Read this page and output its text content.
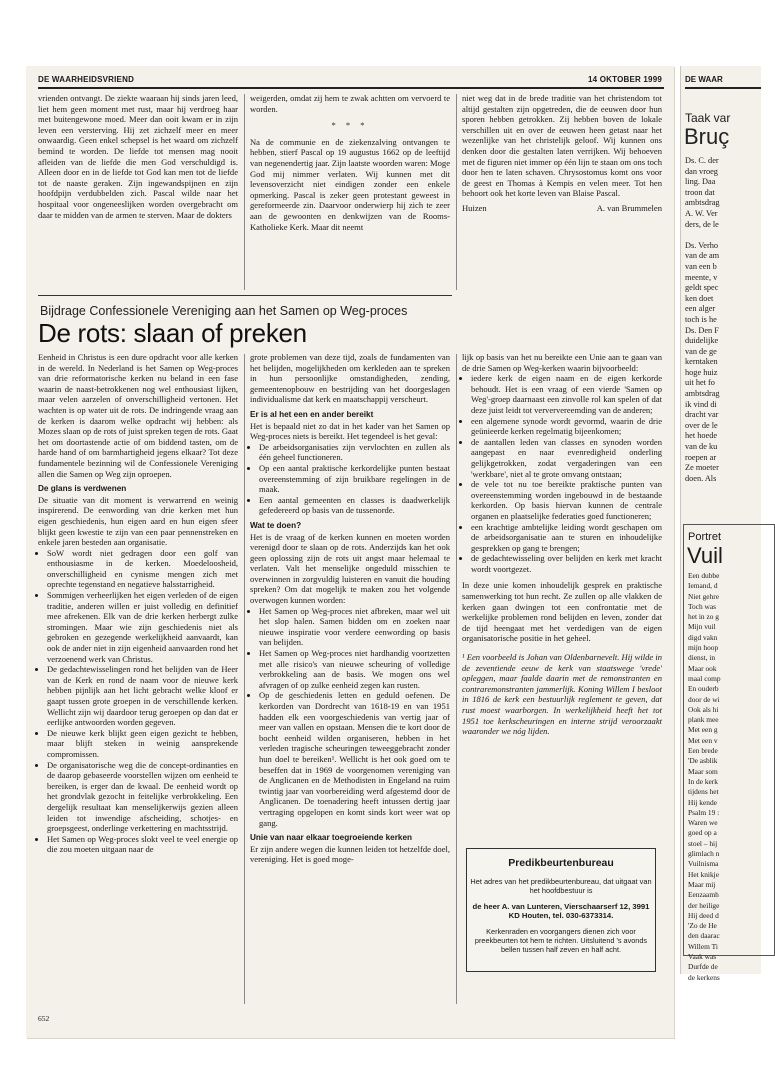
DE WAARHEIDSVRIEND	14 OKTOBER 1999

vrienden ontvangt. De ziekte waaraan hij sinds jaren leed, liet hem geen moment met rust, maar hij verdroeg haar met buitengewone moed. Meer dan ooit kwam er in zijn leven een versterving. Hij zet zichzelf meer en meer onwaardig. Geen enkel schepsel is het waard om zichzelf bemind te worden. De liefde tot mensen mag nooit afleiden van de liefde die men God verschuldigd is. Alleen door en in de liefde tot God kan men tot de liefde tot de naaste geraken. Zijn ingewandspijnen en zijn hoofdpijn verdubbelden zich. Pascal wilde naar het hospitaal voor ongeneeslijken worden overgebracht om daar te midden van de armen te sterven. Maar de dokters

weigerden, omdat zij hem te zwak achtten om vervoerd te worden.

* * *

Na de communie en de ziekenzalving ontvangen te hebben, stierf Pascal op 19 augustus 1662 op de leeftijd van negenendertig jaar. Zijn laatste woorden waren: Moge God mij nimmer verlaten. Wij kunnen met dit levensoverzicht niet eindigen zonder een enkele opmerking. Pascal is zeker geen protestant geweest in gereformeerde zin. Daarvoor onderwierp hij zich te zeer aan de gewoonten en denkwijzen van de Rooms-Katholieke Kerk. Maar dit neemt

niet weg dat in de brede traditie van het christendom tot altijd gestalten zijn opgetreden, die de eeuwen door hun sporen hebben getrokken. Zij hebben boven de lokale verschillen uit en over de eeuwen heen getast naar het wezenlijke van het christelijk geloof. Wij kunnen ons denken door die gestalten laten verrijken. Wij behoeven met de figuren niet immer op één lijn te staan om ons toch door hen te laten schaven. Chrysostomus komt ons voor de geest en Thomas à Kempis en velen meer. Tot hen behoort ook het korte leven van Blaise Pascal.

Huizen	A. van Brummelen

Bijdrage Confessionele Vereniging aan het Samen op Weg-proces
De rots: slaan of preken

Eenheid in Christus is een dure opdracht voor alle kerken in de wereld. In Nederland is het Samen op Weg-proces van drie reformatorische kerken nu beland in een fase waarin de naast-betrokkenen nog wel enthousiast lijken, maar velen aarzelen of onverschilligheid vertonen. Het wachten is op water uit de rots. De indringende vraag aan de kerken is daarom welke opdracht wij hebben: als Mozes slaan op de rots of juist spreken tegen de rots. Gaat het om doortastende actie of om biddend tasten, om de harde hand of om barmhartigheid jegens elkaar? Tot deze fundamentele bezinning wil de Confessionele Vereniging allen die Samen op Weg zijn oproepen.

De glans is verdwenen

De situatie van dit moment is verwarrend en weinig inspirerend. De eenwording van drie kerken met hun eigen geschiedenis, hun eigen aard en hun eigen sfeer blijkt geen kwestie te zijn van een paar pennenstreken en enkele jaren besteden aan organisatie.

• SoW wordt niet gedragen door een golf van enthousiasme in de kerken. Moedeloosheid, onverschilligheid en cynisme mengen zich met oprechte tegenstand en negatieve halsstarrigheid.
• Sommigen verheerlijken het eigen verleden of de eigen traditie, anderen willen er juist volledig en definitief mee afrekenen. Elk van de drie kerken herbergt zulke stromingen. Maar wie zijn geschiedenis niet als gebroken en gezegende werkelijkheid aanvaardt, kan ook de ander niet in zijn eigenheid aanvaarden rond het verzoenend werk van Christus.
• De gedachtewisselingen rond het belijden van de Heer van de Kerk en rond de naam voor de nieuwe kerk hebben pijnlijk aan het licht gebracht welke kloof er gaapt tussen grote groepen in de verschillende kerken. Wellicht zijn wij daardoor terug geroepen op dan dat er eerlijke antwoorden worden gegeven.
• De nieuwe kerk blijkt geen eigen gezicht te hebben, maar blijft steken in weinig aansprekende compromissen.
• De organisatorische weg die de concept-ordinanties en de daarop gebaseerde voorstellen wijzen om eenheid te bereiken, is erger dan de kwaal. De eenheid wordt op het grondvlak gezocht in feitelijke verbrokkeling. Een dergelijk resultaat kan menselijkerwijs gezien alleen leiden tot inwendige afscheiding, schotjes- en groepsgeest, onderlinge verkettering en machtsstrijd.
• Het Samen op Weg-proces slokt veel te veel energie op die zou moeten uitgaan naar de

grote problemen van deze tijd, zoals de fundamenten van het belijden, mogelijkheden om kerkleden aan te spreken in hun persoonlijke omstandigheden, zending, gemeentenopbouw en bestrijding van het doorgeslagen individualisme dat kerk en maatschappij verscheurt.

Er is al het een en ander bereikt

Het is bepaald niet zo dat in het kader van het Samen op Weg-proces niets is bereikt. Het tegendeel is het geval:

• De arbeidsorganisaties zijn vervlochten en zullen als één geheel functioneren.
• Op een aantal praktische kerkordelijke punten bestaat overeenstemming of zijn bruikbare regelingen in de maak.
• Een aantal gemeenten en classes is daadwerkelijk gefedereerd op basis van de tussenorde.

Wat te doen?

Het is de vraag of de kerken kunnen en moeten worden verenigd door te slaan op de rots. Anderzijds kan het ook geen oplossing zijn de rots uit angst maar helemaal te verlaten. Valt het menselijke ongeduld misschien te overwinnen in zorgvuldig luisteren en vanuit die houding spreken? Om dat mogelijk te maken zou het volgende overwogen kunnen worden:

• Het Samen op Weg-proces niet afbreken, maar wel uit het slop halen. Samen bidden om en zoeken naar nieuwe inspiratie voor verdere eenwording op basis van belijden.
• Het Samen op Weg-proces niet hardhandig voortzetten met alle risico's van nieuwe scheuring of volledige verbrokkeling aan de basis. We mogen ons wel afvragen of op zulke eenheid zegen kan rusten.
• Op de geschiedenis letten en geduld oefenen. De kerkorden van Dordrecht van 1618-19 en van 1951 hadden elk een voorgeschiedenis van vertig jaar of meer van vallen en opstaan. Mensen die te kort door de bocht eenheid wilden organiseren, hebben in het verleden tragische scheuringen teweeggebracht zonder hun doel te bereiken¹. Wellicht is het ook goed om te beseffen dat in 1969 de voorgenomen vereniging van de Anglicanen en de Methodisten in Engeland na ruim twintig jaar van voorbereiding werd afgestemd door de Anglicanen. De toenadering heeft intussen dertig jaar vertraging opgelopen en komt sinds kort weer wat op gang.

Unie van naar elkaar toegroeiende kerken

Er zijn andere wegen die kunnen leiden tot hetzelfde doel, vereniging. Het is goed moge-

lijk op basis van het nu bereikte een Unie aan te gaan van de drie Samen op Weg-kerken waarin bijvoorbeeld:

• iedere kerk de eigen naam en de eigen kerkorde behoudt. Het is een vraag of een vierde 'Samen op Weg'-groep daarnaast een zinvolle rol kan spelen of dat deze juist leidt tot verververeemding van de anderen;
• een algemene synode wordt gevormd, waarin de drie geünieerde kerken regelmatig bijeenkomen;
• de aantallen leden van classes en synoden worden aangepast en naar evenredigheid onderling gelijkgetrokken, zodat vergaderingen van een 'werkbare', niet al te grote omvang ontstaan;
• de vele tot nu toe bereikte praktische punten van overeenstemming worden ingebouwd in de bestaande kerkorden. Op basis hiervan kunnen de centrale organen en plaatselijke federaties goed functioneren;
• een krachtige ambtelijke leiding wordt geschapen om de arbeidsorganisatie aan te sturen en inhoudelijke gesprekken op gang te brengen;
• de gedachtewisseling over belijden en kerk met kracht wordt voortgezet.

In deze unie komen inhoudelijk gesprek en praktische samenwerking tot hun recht. Ze zullen op alle vlakken de kerken gaan dwingen tot een confrontatie met de werkelijke problemen rond belijden en leven, zonder dat de tijd heengaat met het verdedigen van de eigen organisatorische positie in het geheel.

¹ Een voorbeeld is Johan van Oldenbarnevelt. Hij wilde in de zeventiende eeuw de kerk van staatswege 'vrede' opleggen, maar faalde daarin met de remonstranten en contraremonstranten jammerlijk. Koning Willem I besloot in 1816 de kerk een bestuurlijk reglement te geven, dat rust moest waarborgen. In werkelijkheid heeft het tot 1951 toe kerkscheuringen en interne strijd veroorzaakt waaronder we nóg lijden.

Predikbeurtenbureau
Het adres van het predikbeurtenbureau, dat uitgaat van het hoofdbestuur is
de heer A. van Lunteren, Vierschaarserf 12, 3991 KD Houten, tel. 030-6373314.
Kerkenraden en voorgangers dienen zich voor preekbeurten tot hem te richten. Uitsluitend 's avonds bellen tussen half zeven en half acht.
652
DE WAAR
Taak var
Bruç
Ds. C. der
dan vroeg
ling. Daa
troon dat
ambtsdrag
A. W. Ver
ders, de le
Ds. Verho
van de am
van een b
meente, v
geldt spec
ken doet
een alger
toch is he
Ds. Den F
duidelijke
van de ge
kerntaken
hoge huiz
uit het fo
ambtsdrag
ik vind di
dracht var
over de le
het hoede
van de ku
roepen ar
Ze moeter
doen. Als
Portret
Vuil
Een dubbe
Iemand, d
Niet gehre
Toch was
het in zo g
Mijn vuil
digd vakn
mijn hoop
dienst, in
Maar ook
maal comp
En ouderb
door de wi
Ook als hi
plank mee
Met een g
Met een v
Een brede
'De asblik
Maar som
In de kerk
tijdens het
Hij kende
Psalm 19 :
Waren we
goed op a
stoel – hij
glimlach n
Vuilnisma
Het knikje
Maar mij
Eenzaamh
der heilige
Hij deed d
'Zo de He
den daarac
Willem Ti
Vaak was
Durfde de
de kerkens
